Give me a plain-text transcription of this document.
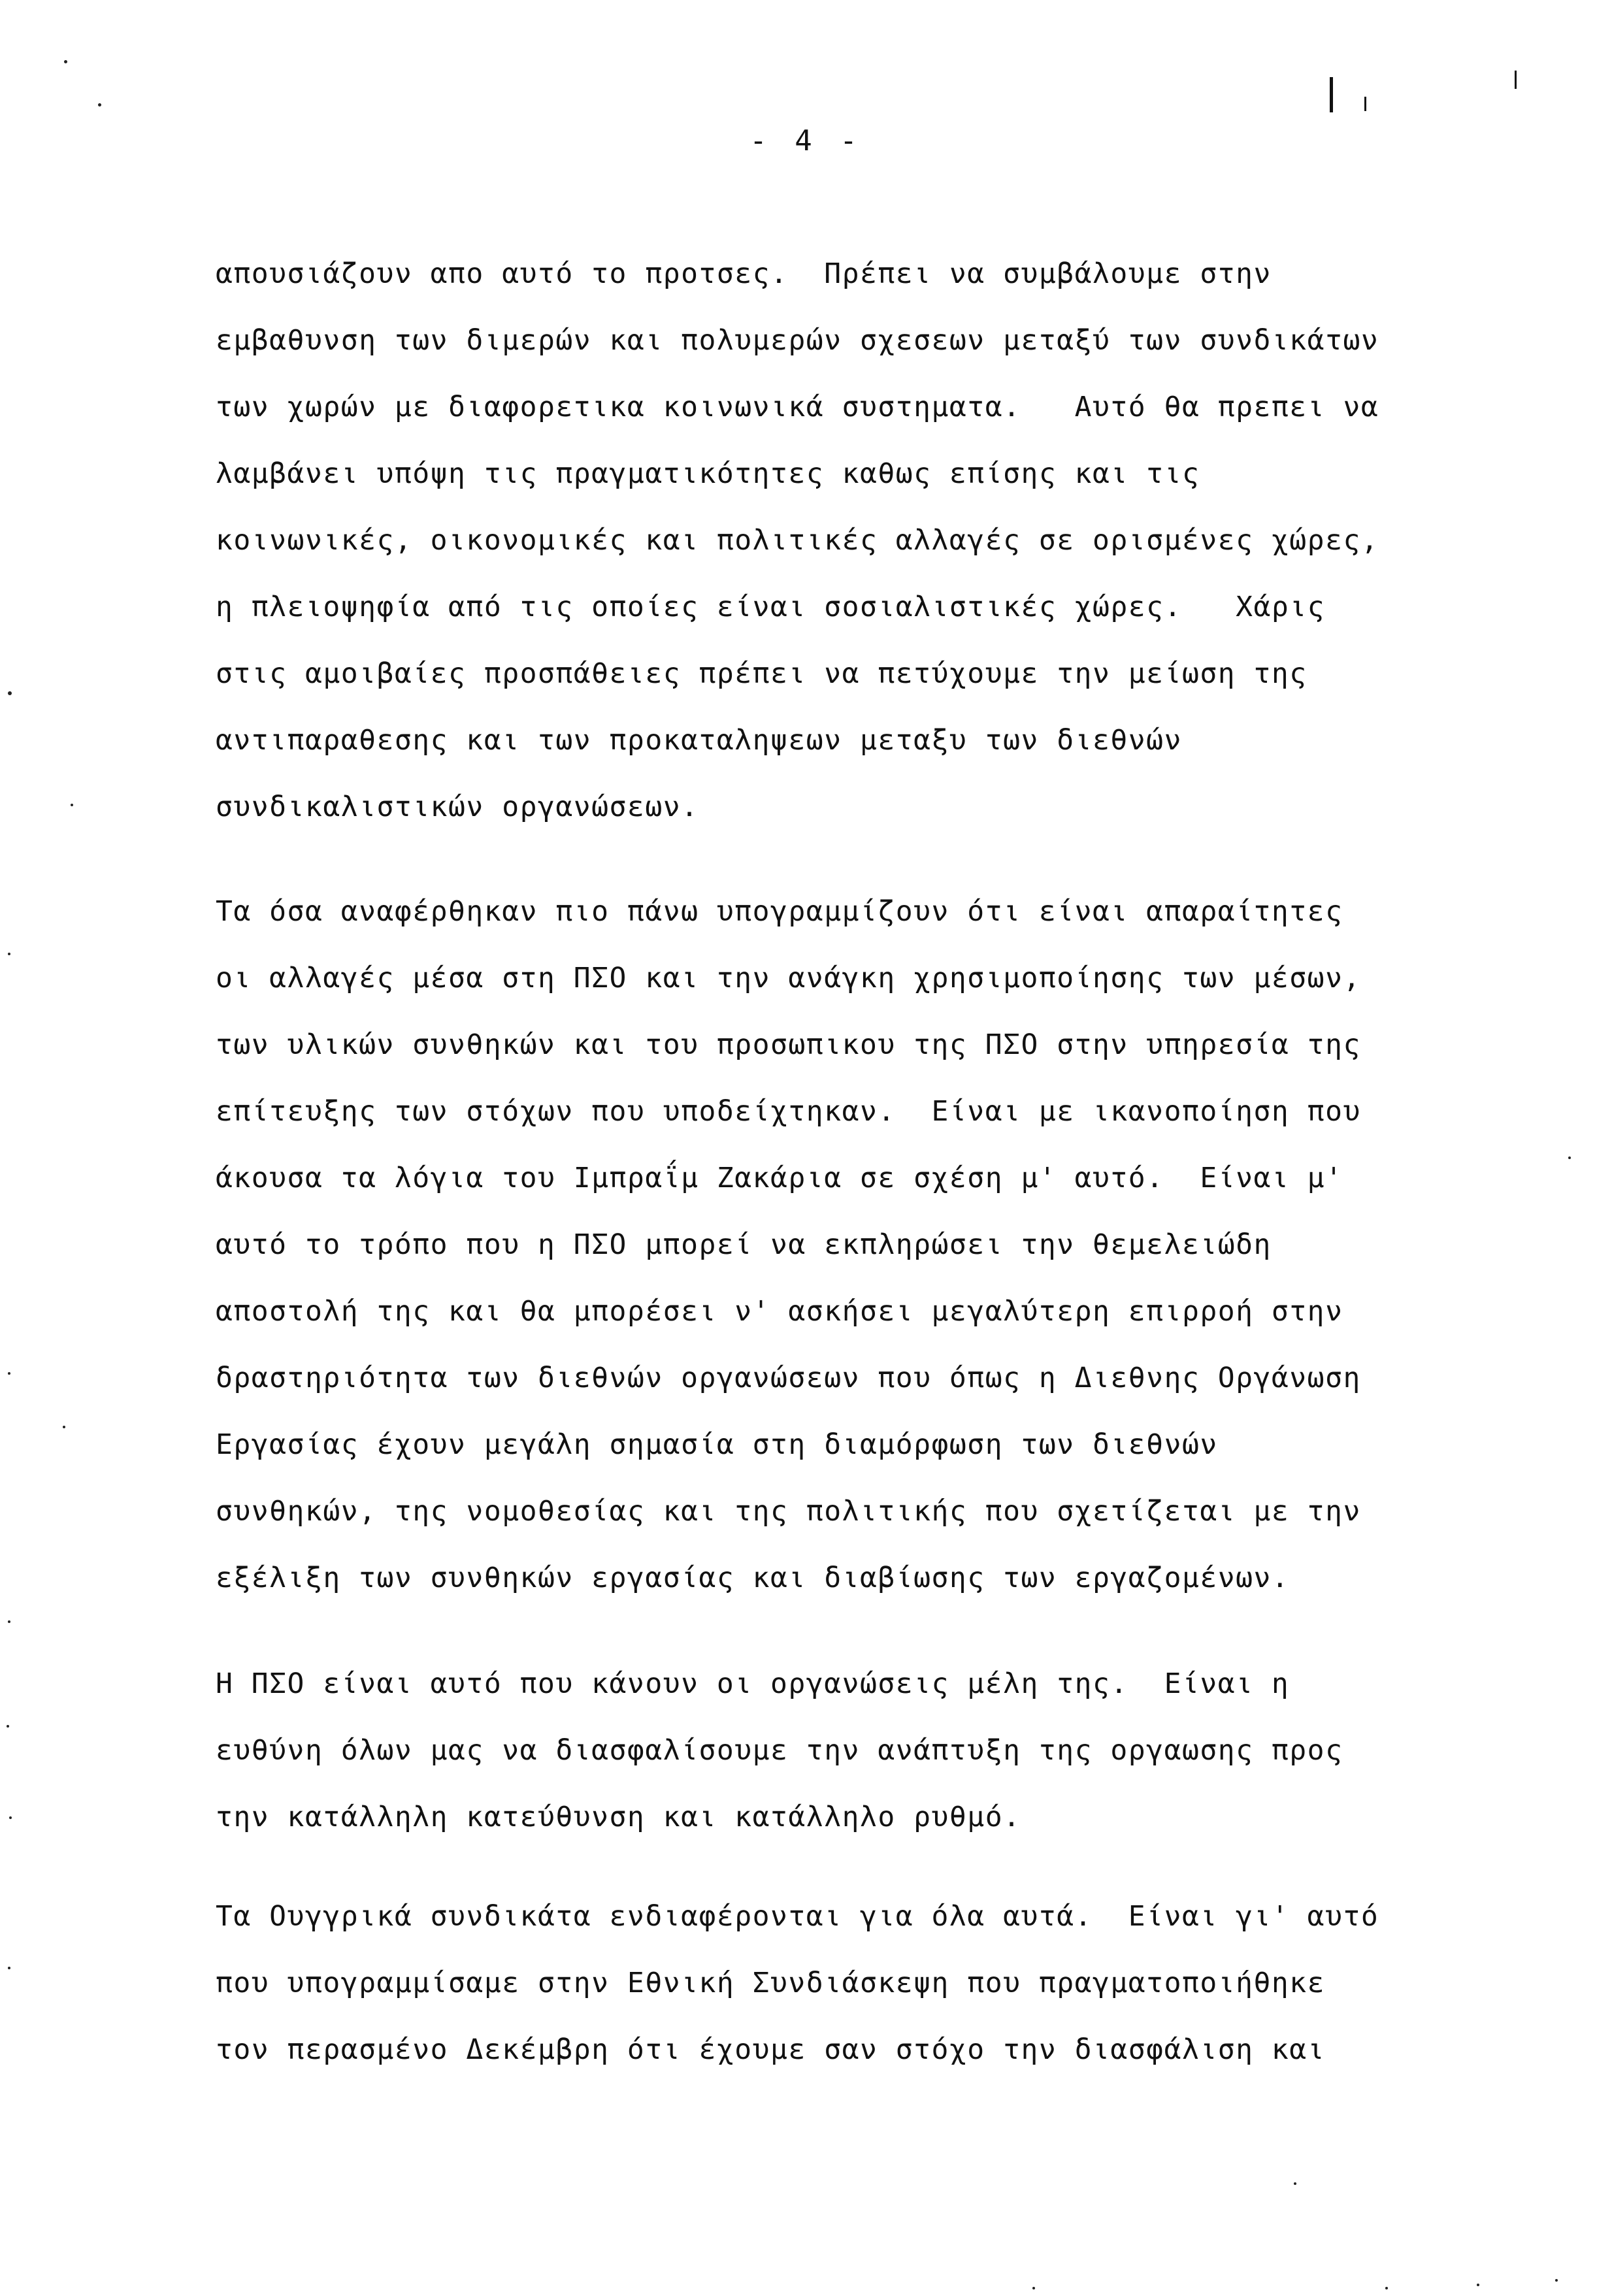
- 4 -
απουσιάζουν απο αυτό το προτσες.  Πρέπει να συμβάλουμε στην
εμβαθυνση των διμερών και πολυμερών σχεσεων μεταξύ των συνδικάτων
των χωρών με διαφορετικα κοινωνικά συστηματα.   Αυτό θα πρεπει να
λαμβάνει υπόψη τις πραγματικότητες καθως επίσης και τις
κοινωνικές, οικονομικές και πολιτικές αλλαγές σε ορισμένες χώρες,
η πλειοψηφία από τις οποίες είναι σοσιαλιστικές χώρες.   Χάρις
στις αμοιβαίες προσπάθειες πρέπει να πετύχουμε την μείωση της
αντιπαραθεσης και των προκαταληψεων μεταξυ των διεθνών
συνδικαλιστικών οργανώσεων.
Τα όσα αναφέρθηκαν πιο πάνω υπογραμμίζουν ότι είναι απαραίτητες
οι αλλαγές μέσα στη ΠΣΟ και την ανάγκη χρησιμοποίησης των μέσων,
των υλικών συνθηκών και του προσωπικου της ΠΣΟ στην υπηρεσία της
επίτευξης των στόχων που υποδείχτηκαν.  Είναι με ικανοποίηση που
άκουσα τα λόγια του Ιμπραΐμ Ζακάρια σε σχέση μ' αυτό.  Είναι μ'
αυτό το τρόπο που η ΠΣΟ μπορεί να εκπληρώσει την θεμελειώδη
αποστολή της και θα μπορέσει ν' ασκήσει μεγαλύτερη επιρροή στην
δραστηριότητα των διεθνών οργανώσεων που όπως η Διεθνης Οργάνωση
Εργασίας έχουν μεγάλη σημασία στη διαμόρφωση των διεθνών
συνθηκών, της νομοθεσίας και της πολιτικής που σχετίζεται με την
εξέλιξη των συνθηκών εργασίας και διαβίωσης των εργαζομένων.
Η ΠΣΟ είναι αυτό που κάνουν οι οργανώσεις μέλη της.  Είναι η
ευθύνη όλων μας να διασφαλίσουμε την ανάπτυξη της οργαωσης προς
την κατάλληλη κατεύθυνση και κατάλληλο ρυθμό.
Τα Ουγγρικά συνδικάτα ενδιαφέρονται για όλα αυτά.  Είναι γι' αυτό
που υπογραμμίσαμε στην Εθνική Συνδιάσκεψη που πραγματοποιήθηκε
τον περασμένο Δεκέμβρη ότι έχουμε σαν στόχο την διασφάλιση και
